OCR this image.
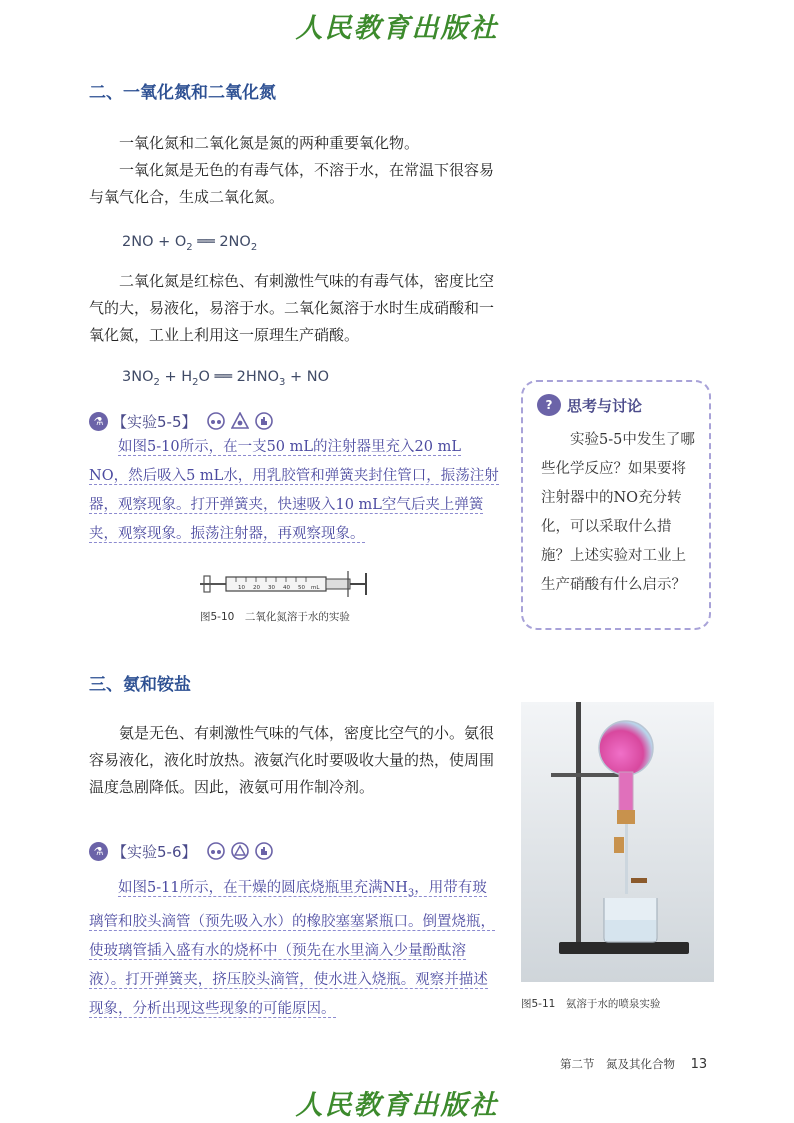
人民教育出版社
二、一氧化氮和二氧化氮

一氧化氮和二氧化氮是氮的两种重要氧化物。

一氧化氮是无色的有毒气体，不溶于水，在常温下很容易与氧气化合，生成二氧化氮。

$2NO + O_2$ ══ $2NO_2$

二氧化氮是红棕色、有刺激性气味的有毒气体，密度比空气的大，易液化，易溶于水。二氧化氮溶于水时生成硝酸和一氧化氮，工业上利用这一原理生产硝酸。

$3NO_2 + H_2O$ ══ $2HNO_3$ + NO
⚗ 【实验5-5】

如图5-10所示，在一支50 mL的注射器里充入20 mL NO，然后吸入5 mL水，用乳胶管和弹簧夹封住管口，振荡注射器，观察现象。打开弹簧夹，快速吸入10 mL空气后夹上弹簧夹，观察现象。振荡注射器，再观察现象。

10 20 30 40 50 mL
图5-10　二氧化氮溶于水的实验
? 思考与讨论

实验5-5中发生了哪些化学反应？如果要将注射器中的NO充分转化，可以采取什么措施？上述实验对工业上生产硝酸有什么启示？

三、氨和铵盐

氨是无色、有刺激性气味的气体，密度比空气的小。氨很容易液化，液化时放热。液氨汽化时要吸收大量的热，使周围温度急剧降低。因此，液氨可用作制冷剂。

⚗ 【实验5-6】

如图5-11所示，在干燥的圆底烧瓶里充满$NH_3$，用带有玻璃管和胶头滴管（预先吸入水）的橡胶塞塞紧瓶口。倒置烧瓶，使玻璃管插入盛有水的烧杯中（预先在水里滴入少量酚酞溶液）。打开弹簧夹，挤压胶头滴管，使水进入烧瓶。观察并描述现象，分析出现这些现象的可能原因。	图5-11　氨溶于水的喷泉实验
第二节　氮及其化合物 13
人民教育出版社
